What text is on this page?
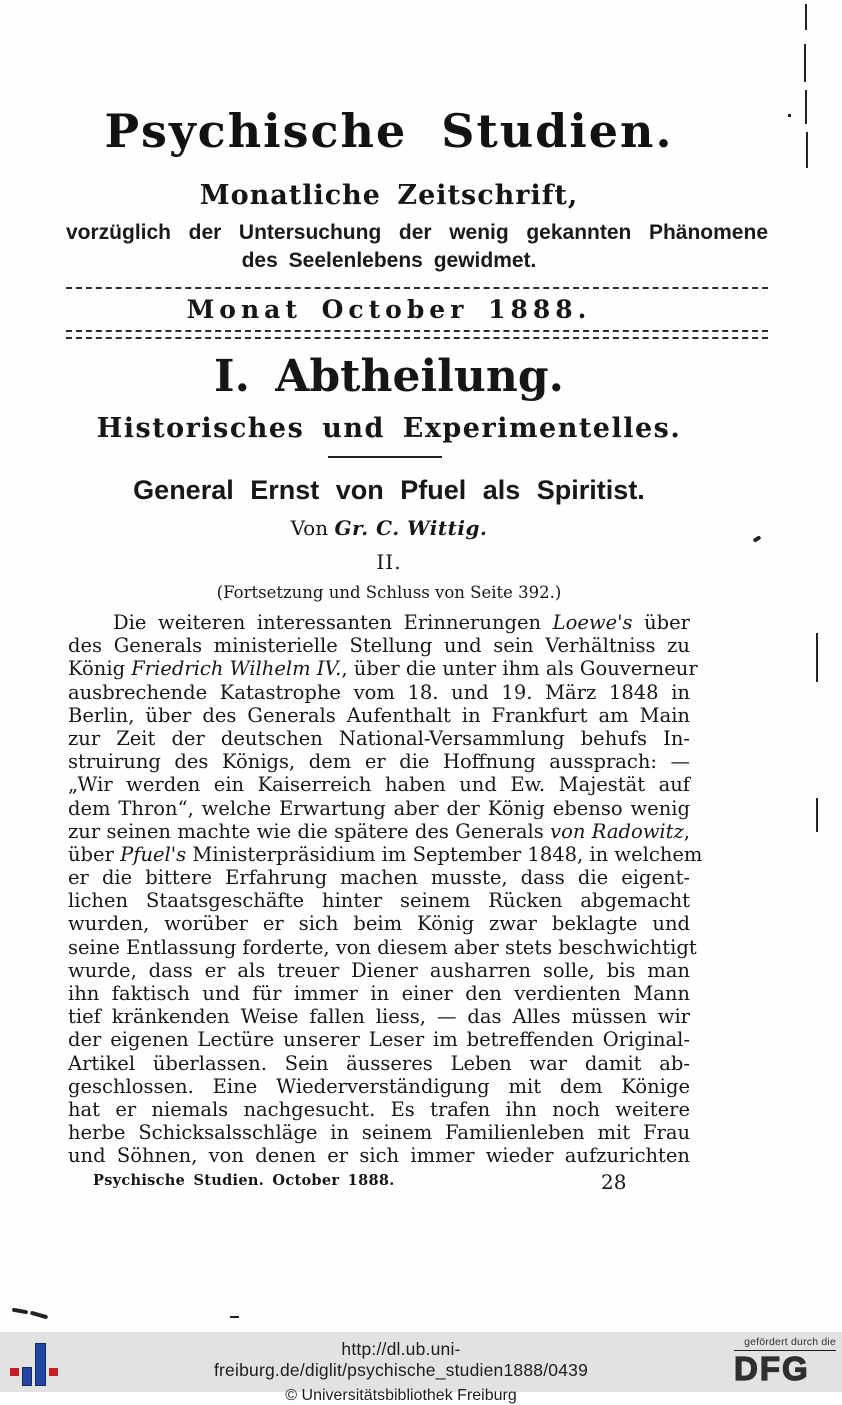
Psychische Studien.
Monatliche Zeitschrift,
vorzüglich der Untersuchung der wenig gekannten Phänomene
des Seelenlebens gewidmet.
Monat October 1888.
I. Abtheilung.
Historisches und Experimentelles.
General Ernst von Pfuel als Spiritist.
Von Gr. C. Wittig.
II.
(Fortsetzung und Schluss von Seite 392.)
Die weiteren interessanten Erinnerungen Loewe's über
des Generals ministerielle Stellung und sein Verhältniss zu
König Friedrich Wilhelm IV., über die unter ihm als Gouverneur
ausbrechende Katastrophe vom 18. und 19. März 1848 in
Berlin, über des Generals Aufenthalt in Frankfurt am Main
zur Zeit der deutschen National-Versammlung behufs In-
struirung des Königs, dem er die Hoffnung aussprach: —
„Wir werden ein Kaiserreich haben und Ew. Majestät auf
dem Thron“, welche Erwartung aber der König ebenso wenig
zur seinen machte wie die spätere des Generals von Radowitz,
über Pfuel's Ministerpräsidium im September 1848, in welchem
er die bittere Erfahrung machen musste, dass die eigent-
lichen Staatsgeschäfte hinter seinem Rücken abgemacht
wurden, worüber er sich beim König zwar beklagte und
seine Entlassung forderte, von diesem aber stets beschwichtigt
wurde, dass er als treuer Diener ausharren solle, bis man
ihn faktisch und für immer in einer den verdienten Mann
tief kränkenden Weise fallen liess, — das Alles müssen wir
der eigenen Lectüre unserer Leser im betreffenden Original-
Artikel überlassen. Sein äusseres Leben war damit ab-
geschlossen. Eine Wiederverständigung mit dem Könige
hat er niemals nachgesucht. Es trafen ihn noch weitere
herbe Schicksalsschläge in seinem Familienleben mit Frau
und Söhnen, von denen er sich immer wieder aufzurichten
Psychische Studien. October 1888.	28
http://dl.ub.uni-freiburg.de/diglit/psychische_studien1888/0439
© Universitätsbibliothek Freiburg
gefördert durch die
DFG
